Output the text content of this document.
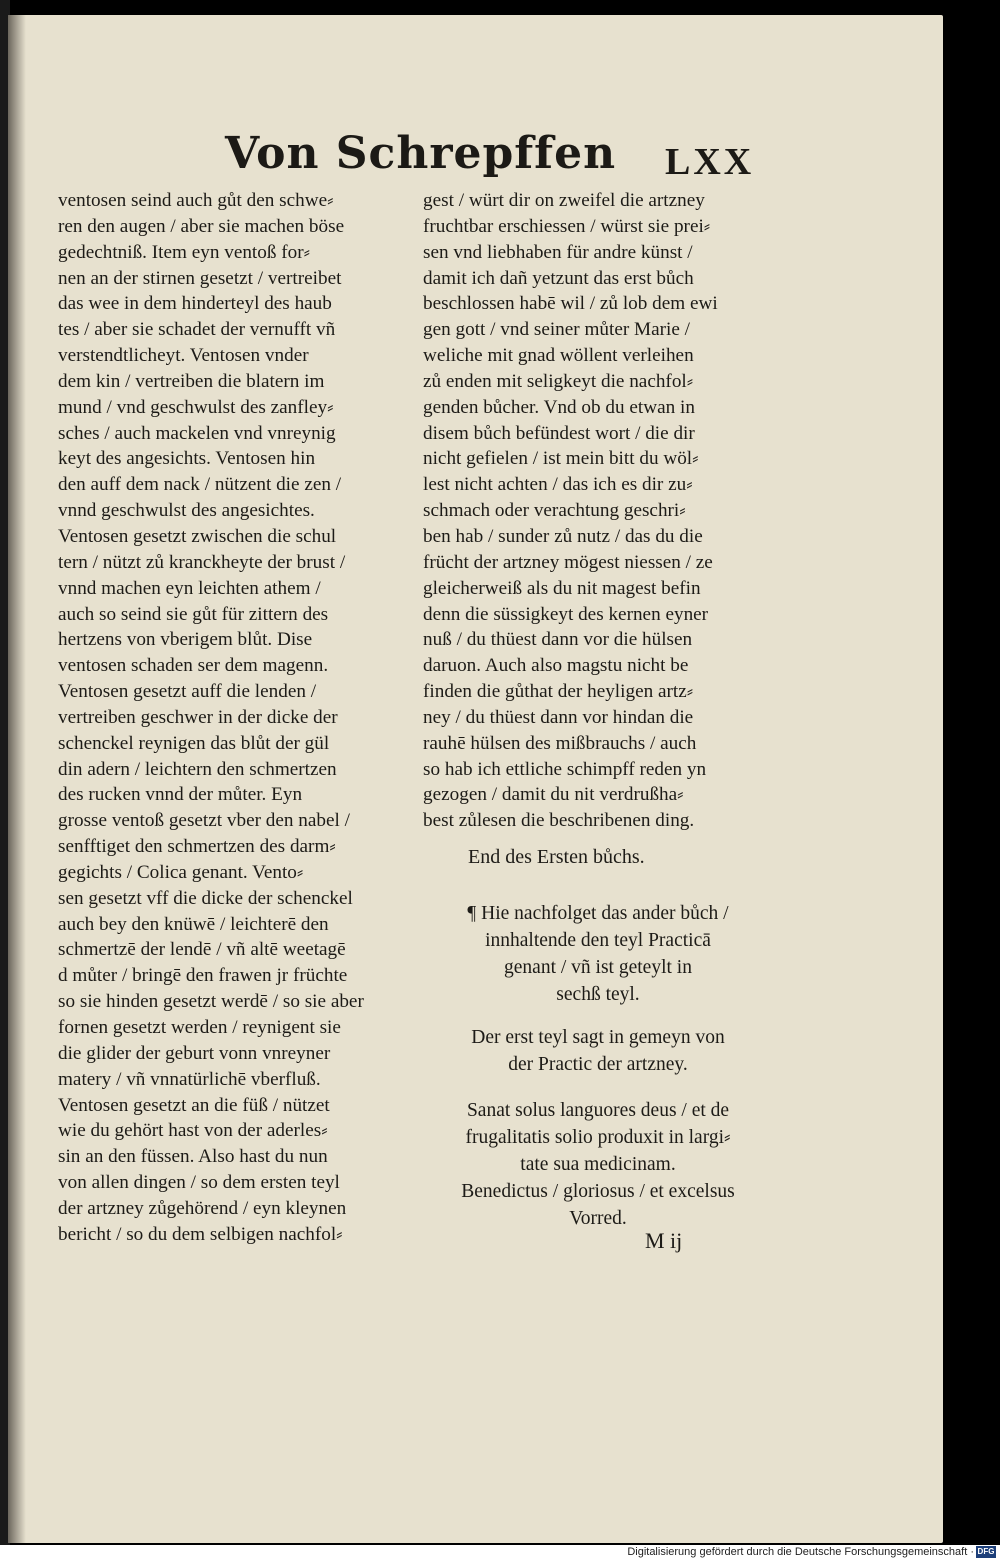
Von Schrepffen LXX
ventosen seind auch gůt den schwe⸗
ren den augen / aber sie machen böse
gedechtniß. Item eyn ventoß for⸗
nen an der stirnen gesetzt / vertreibet
das wee in dem hinderteyl des haub
tes / aber sie schadet der vernufft vñ
verstendtlicheyt. Ventosen vnder
dem kin / vertreiben die blatern im
mund / vnd geschwulst des zanfley⸗
sches / auch mackelen vnd vnreynig
keyt des angesichts. Ventosen hin
den auff dem nack / nützent die zen /
vnnd geschwulst des angesichtes.
Ventosen gesetzt zwischen die schul
tern / nützt zů kranckheyte der brust /
vnnd machen eyn leichten athem /
auch so seind sie gůt für zittern des
hertzens von vberigem blůt. Dise
ventosen schaden ser dem magenn.
Ventosen gesetzt auff die lenden /
vertreiben geschwer in der dicke der
schenckel reynigen das blůt der gül
din adern / leichtern den schmertzen
des rucken vnnd der můter. Eyn
grosse ventoß gesetzt vber den nabel /
senfftiget den schmertzen des darm⸗
gegichts / Colica genant. Vento⸗
sen gesetzt vff die dicke der schenckel
auch bey den knüwē / leichterē den
schmertzē der lendē / vñ altē weetagē
d můter / bringē den frawen jr früchte
so sie hinden gesetzt werdē / so sie aber
fornen gesetzt werden / reynigent sie
die glider der geburt vonn vnreyner
matery / vñ vnnatürlichē vberfluß.
Ventosen gesetzt an die füß / nützet
wie du gehört hast von der aderles⸗
sin an den füssen. Also hast du nun
von allen dingen / so dem ersten teyl
der artzney zůgehörend / eyn kleynen
bericht / so du dem selbigen nachfol⸗
gest / würt dir on zweifel die artzney
fruchtbar erschiessen / würst sie prei⸗
sen vnd liebhaben für andre künst /
damit ich dañ yetzunt das erst bůch
beschlossen habē wil / zů lob dem ewi
gen gott / vnd seiner můter Marie /
weliche mit gnad wöllent verleihen
zů enden mit seligkeyt die nachfol⸗
genden bůcher. Vnd ob du etwan in
disem bůch befündest wort / die dir
nicht gefielen / ist mein bitt du wöl⸗
lest nicht achten / das ich es dir zu⸗
schmach oder verachtung geschri⸗
ben hab / sunder zů nutz / das du die
frücht der artzney mögest niessen / ze
gleicherweiß als du nit magest befin
denn die süssigkeyt des kernen eyner
nuß / du thüest dann vor die hülsen
daruon. Auch also magstu nicht be
finden die gůthat der heyligen artz⸗
ney / du thüest dann vor hindan die
rauhē hülsen des mißbrauchs / auch
so hab ich ettliche schimpff reden yn
gezogen / damit du nit verdrußha⸗
best zůlesen die beschribenen ding.
End des Ersten bůchs.
¶ Hie nachfolget das ander bůch /
innhaltende den teyl Practicā
genant / vñ ist geteylt in
sechß teyl.
Der erst teyl sagt in gemeyn von
der Practic der artzney.
Sanat solus languores deus / et de
frugalitatis solio produxit in largi⸗
tate sua medicinam.
Benedictus / gloriosus / et excelsus
Vorred.
M ij
Digitalisierung gefördert durch die Deutsche Forschungsgemeinschaft · DFG
